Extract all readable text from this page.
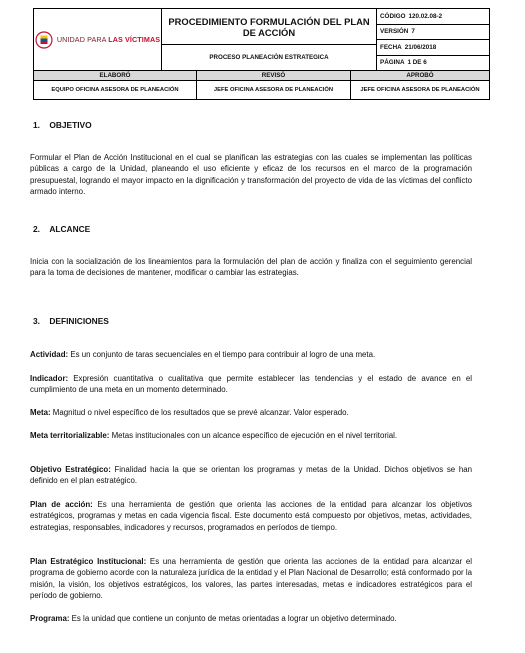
UNIDAD PARA LAS VÍCTIMAS
PROCEDIMIENTO FORMULACIÓN DEL PLAN DE ACCIÓN
PROCESO PLANEACIÓN ESTRATEGICA
CÓDIGO 120.02.08-2
VERSIÓN 7
FECHA 21/06/2018
PÁGINA 1 DE 6
ELABORÓ
EQUIPO OFICINA ASESORA DE PLANEACIÓN
REVISÓ
JEFE OFICINA ASESORA DE PLANEACIÓN
APROBÓ
JEFE OFICINA ASESORA DE PLANEACIÓN
1. OBJETIVO

Formular el Plan de Acción Institucional en el cual se planifican las estrategias con las cuales se implementan las políticas públicas a cargo de la Unidad, planeando el uso eficiente y eficaz de los recursos en el marco de la programación presupuestal, logrando el mayor impacto en la dignificación y transformación del proyecto de vida de las víctimas del conflicto armado interno.

2. ALCANCE

Inicia con la socialización de los lineamientos para la formulación del plan de acción y finaliza con el seguimiento gerencial para la toma de decisiones de mantener, modificar o cambiar las estrategias.

3. DEFINICIONES

Actividad: Es un conjunto de taras secuenciales en el tiempo para contribuir al logro de una meta.

Indicador: Expresión cuantitativa o cualitativa que permite establecer las tendencias y el estado de avance en el cumplimiento de una meta en un momento determinado.

Meta: Magnitud o nivel específico de los resultados que se prevé alcanzar. Valor esperado.

Meta territorializable: Metas institucionales con un alcance específico de ejecución en el nivel territorial.

Objetivo Estratégico: Finalidad hacia la que se orientan los programas y metas de la Unidad. Dichos objetivos se han definido en el plan estratégico.

Plan de acción: Es una herramienta de gestión que orienta las acciones de la entidad para alcanzar los objetivos estratégicos, programas y metas en cada vigencia fiscal. Este documento está compuesto por objetivos, metas, actividades, estrategias, responsables, indicadores y recursos, programados en períodos de tiempo.

Plan Estratégico Institucional: Es una herramienta de gestión que orienta las acciones de la entidad para alcanzar el programa de gobierno acorde con la naturaleza jurídica de la entidad y el Plan Nacional de Desarrollo; está conformado por la misión, la visión, los objetivos estratégicos, los valores, las partes interesadas, metas e indicadores estratégicos para el período de gobierno.

Programa: Es la unidad que contiene un conjunto de metas orientadas a lograr un objetivo determinado.
